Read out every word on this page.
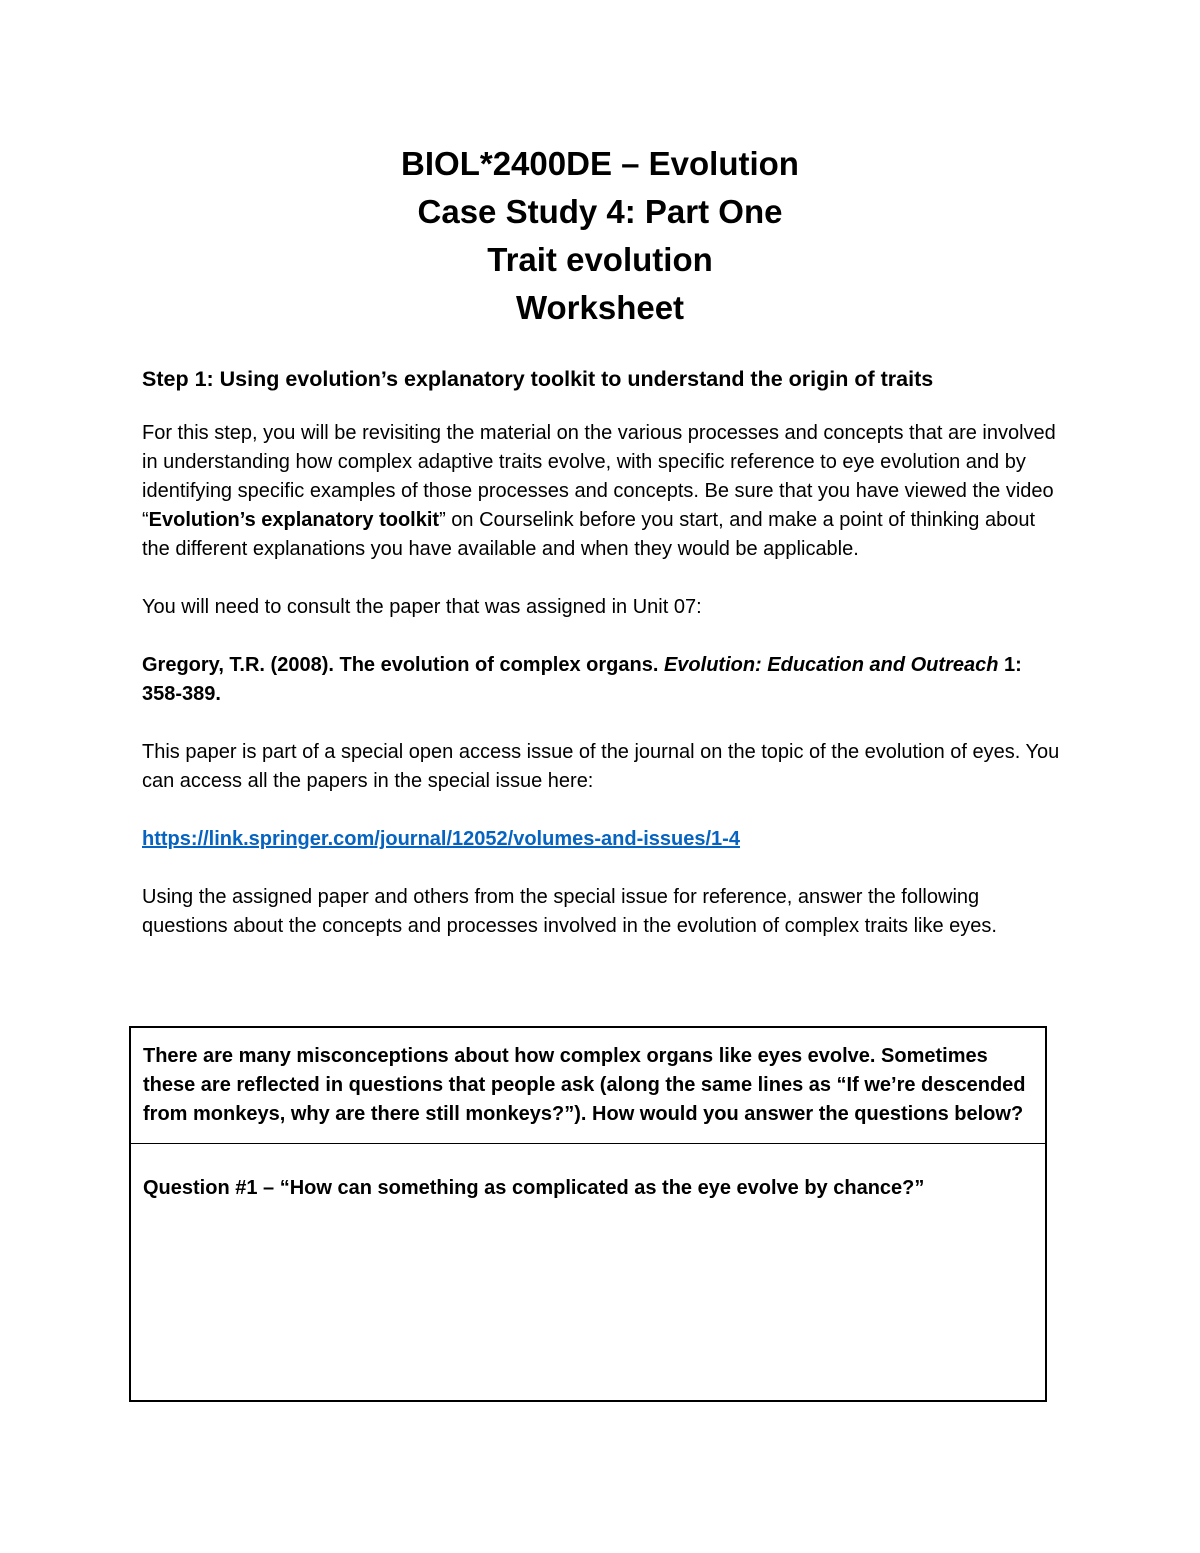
BIOL*2400DE – Evolution
Case Study 4: Part One
Trait evolution
Worksheet
Step 1: Using evolution’s explanatory toolkit to understand the origin of traits

For this step, you will be revisiting the material on the various processes and concepts that are involved in understanding how complex adaptive traits evolve, with specific reference to eye evolution and by identifying specific examples of those processes and concepts. Be sure that you have viewed the video “Evolution’s explanatory toolkit” on Courselink before you start, and make a point of thinking about the different explanations you have available and when they would be applicable.

You will need to consult the paper that was assigned in Unit 07:

Gregory, T.R. (2008). The evolution of complex organs. Evolution: Education and Outreach 1: 358-389.

This paper is part of a special open access issue of the journal on the topic of the evolution of eyes. You can access all the papers in the special issue here:

https://link.springer.com/journal/12052/volumes-and-issues/1-4

Using the assigned paper and others from the special issue for reference, answer the following questions about the concepts and processes involved in the evolution of complex traits like eyes.

There are many misconceptions about how complex organs like eyes evolve. Sometimes these are reflected in questions that people ask (along the same lines as “If we’re descended from monkeys, why are there still monkeys?”). How would you answer the questions below?
Question #1 – “How can something as complicated as the eye evolve by chance?”
